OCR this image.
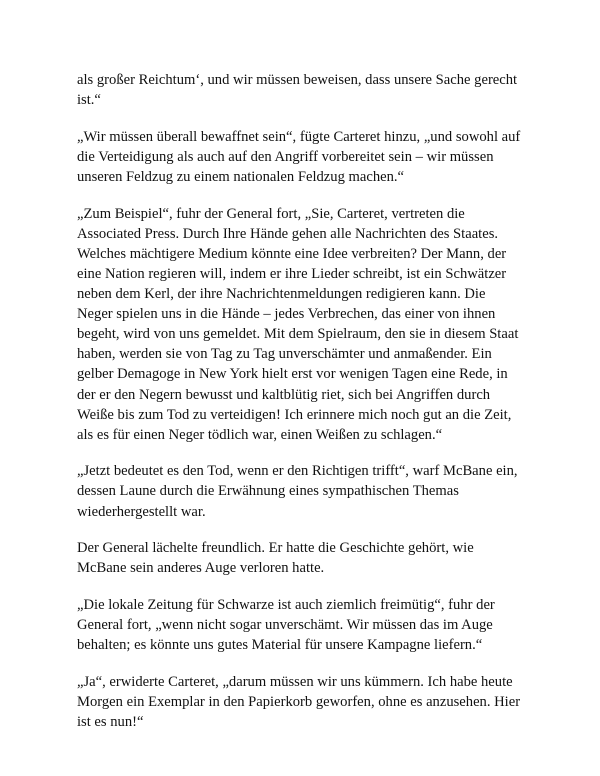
als großer Reichtum‘, und wir müssen beweisen, dass unsere Sache gerecht
ist.“

„Wir müssen überall bewaffnet sein“, fügte Carteret hinzu, „und sowohl auf
die Verteidigung als auch auf den Angriff vorbereitet sein – wir müssen
unseren Feldzug zu einem nationalen Feldzug machen.“

„Zum Beispiel“, fuhr der General fort, „Sie, Carteret, vertreten die
Associated Press. Durch Ihre Hände gehen alle Nachrichten des Staates.
Welches mächtigere Medium könnte eine Idee verbreiten? Der Mann, der
eine Nation regieren will, indem er ihre Lieder schreibt, ist ein Schwätzer
neben dem Kerl, der ihre Nachrichtenmeldungen redigieren kann. Die
Neger spielen uns in die Hände – jedes Verbrechen, das einer von ihnen
begeht, wird von uns gemeldet. Mit dem Spielraum, den sie in diesem Staat
haben, werden sie von Tag zu Tag unverschämter und anmaßender. Ein
gelber Demagoge in New York hielt erst vor wenigen Tagen eine Rede, in
der er den Negern bewusst und kaltblütig riet, sich bei Angriffen durch
Weiße bis zum Tod zu verteidigen! Ich erinnere mich noch gut an die Zeit,
als es für einen Neger tödlich war, einen Weißen zu schlagen.“

„Jetzt bedeutet es den Tod, wenn er den Richtigen trifft“, warf McBane ein,
dessen Laune durch die Erwähnung eines sympathischen Themas
wiederhergestellt war.

Der General lächelte freundlich. Er hatte die Geschichte gehört, wie
McBane sein anderes Auge verloren hatte.

„Die lokale Zeitung für Schwarze ist auch ziemlich freimütig“, fuhr der
General fort, „wenn nicht sogar unverschämt. Wir müssen das im Auge
behalten; es könnte uns gutes Material für unsere Kampagne liefern.“

„Ja“, erwiderte Carteret, „darum müssen wir uns kümmern. Ich habe heute
Morgen ein Exemplar in den Papierkorb geworfen, ohne es anzusehen. Hier
ist es nun!“
